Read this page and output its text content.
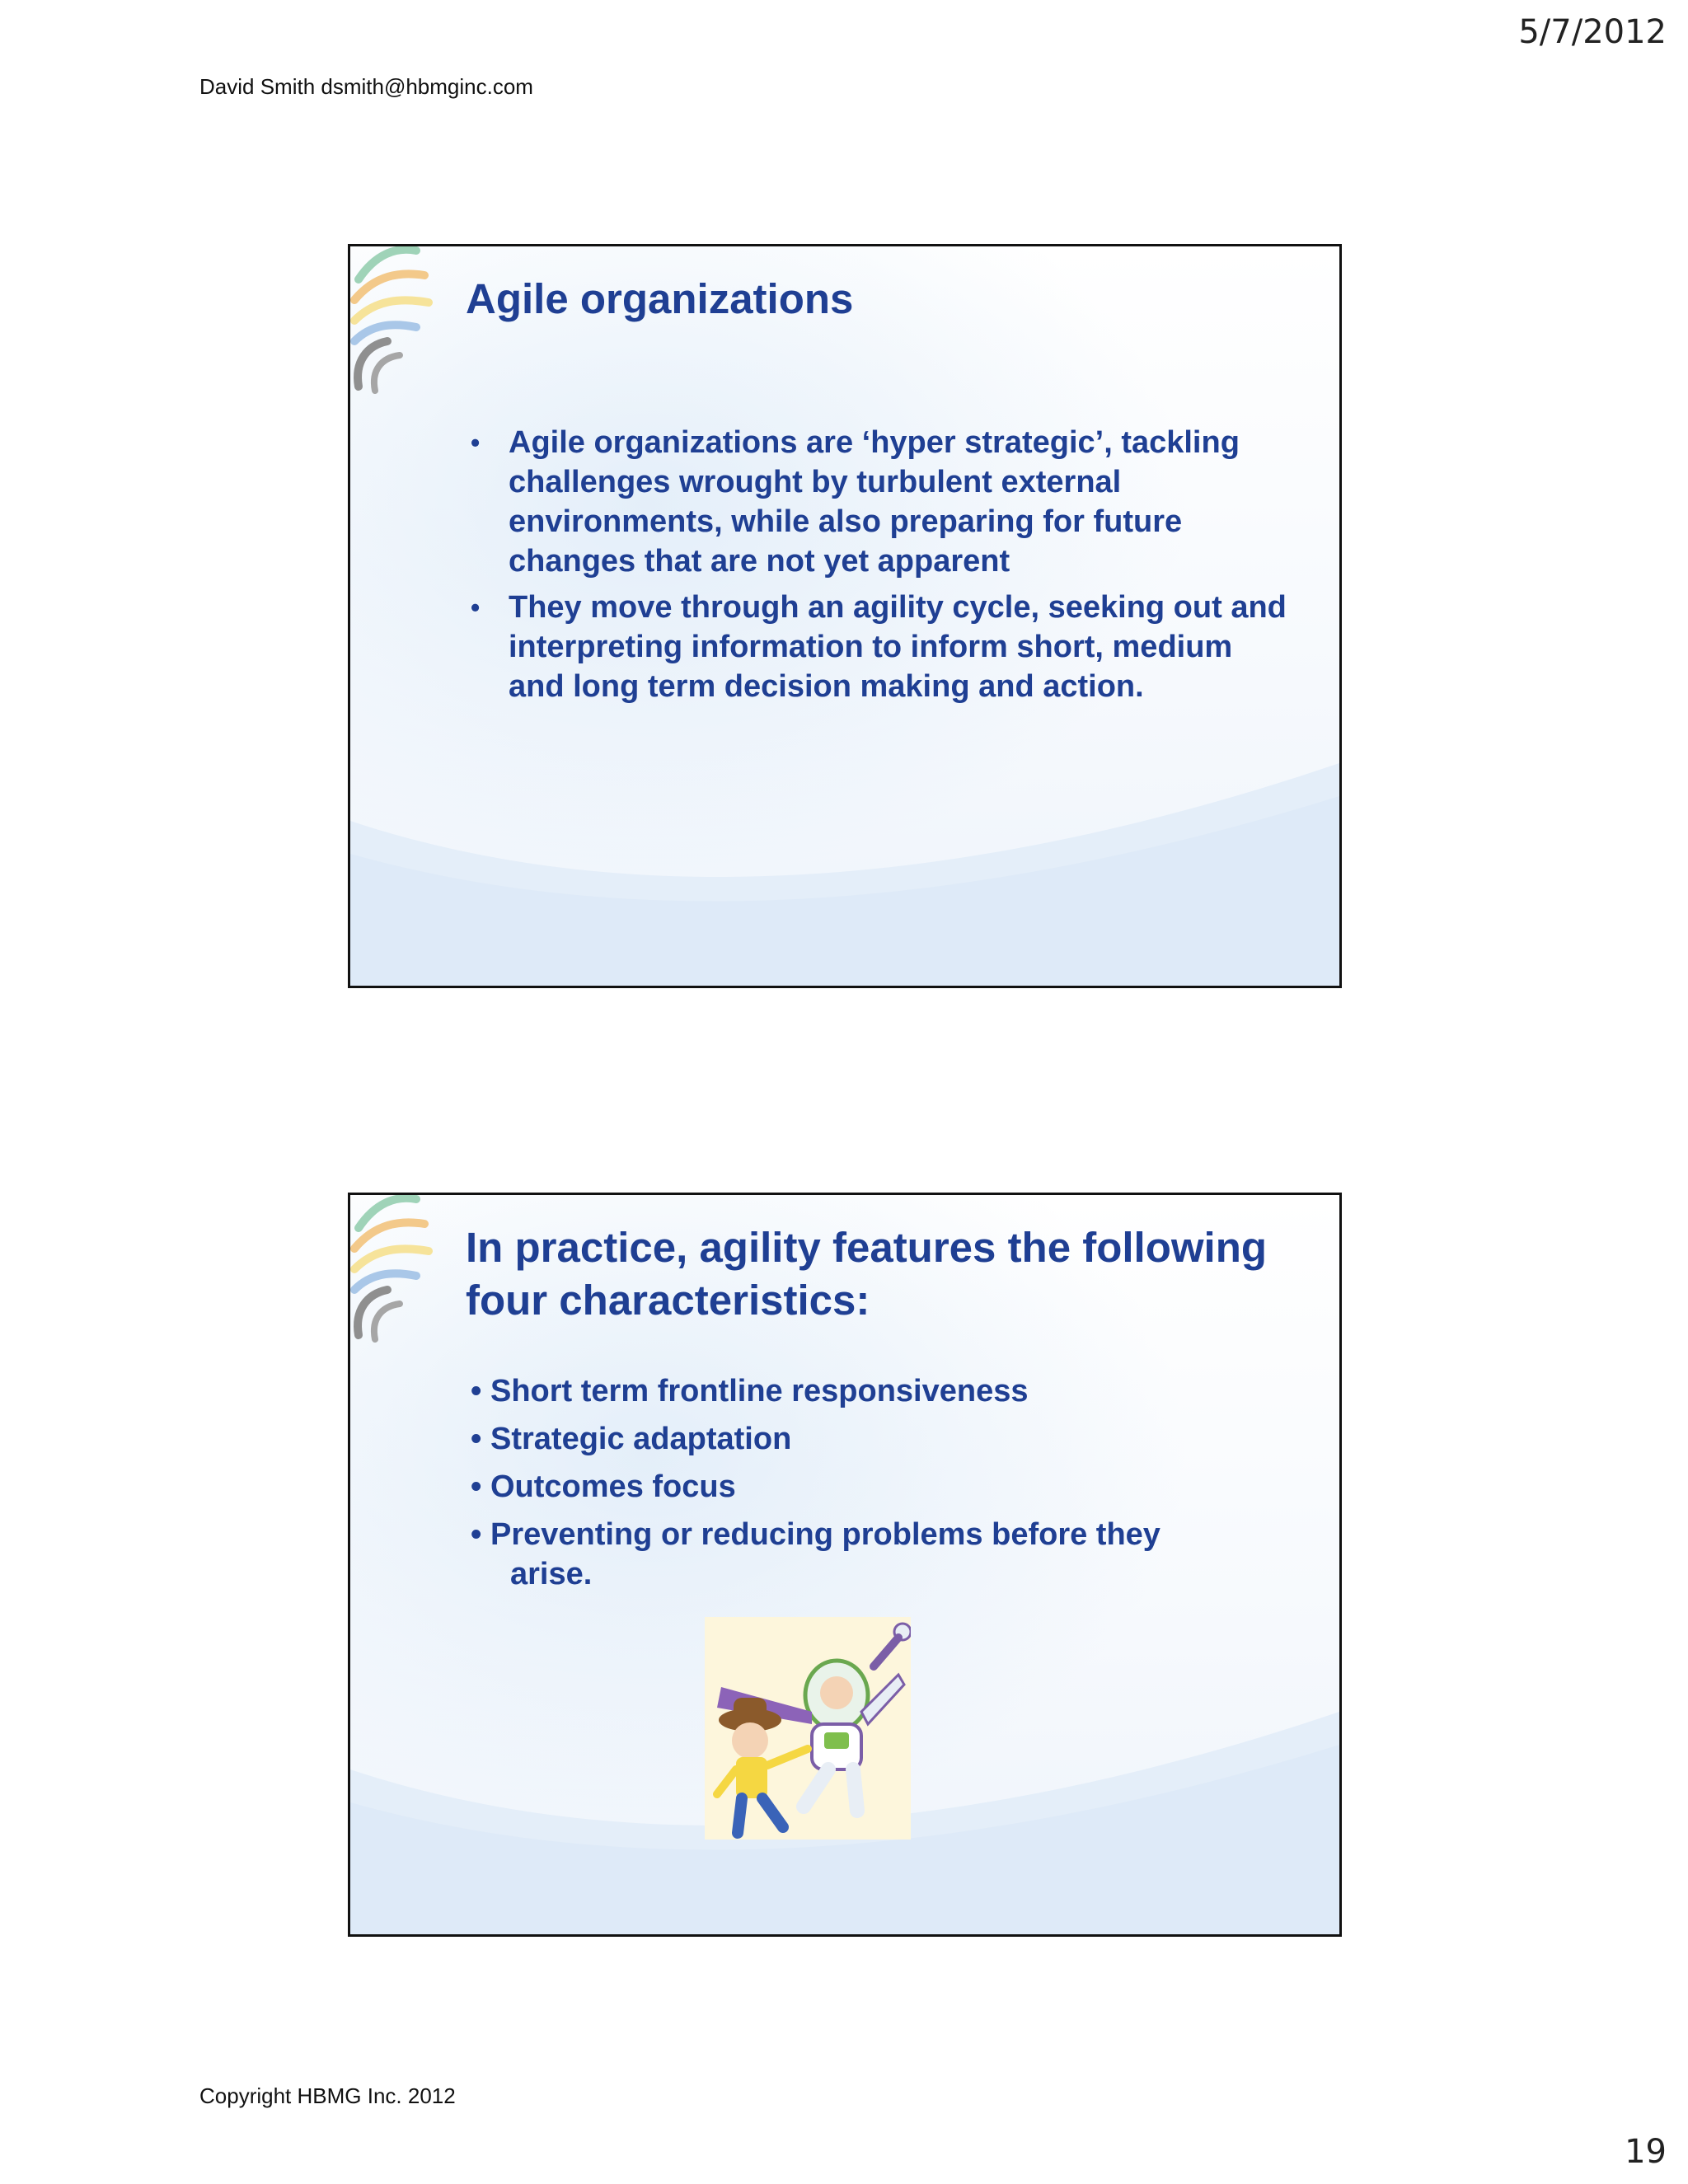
5/7/2012
David Smith dsmith@hbmginc.com
Agile organizations
• Agile organizations are ‘hyper strategic’, tackling challenges wrought by turbulent external environments, while also preparing for future changes that are not yet apparent
• They move through an agility cycle, seeking out and interpreting information to inform short, medium and long term decision making and action.
In practice, agility features the following four characteristics:
• Short term frontline responsiveness
• Strategic adaptation
• Outcomes focus
• Preventing or reducing problems before they
arise.
Copyright HBMG Inc. 2012
19
